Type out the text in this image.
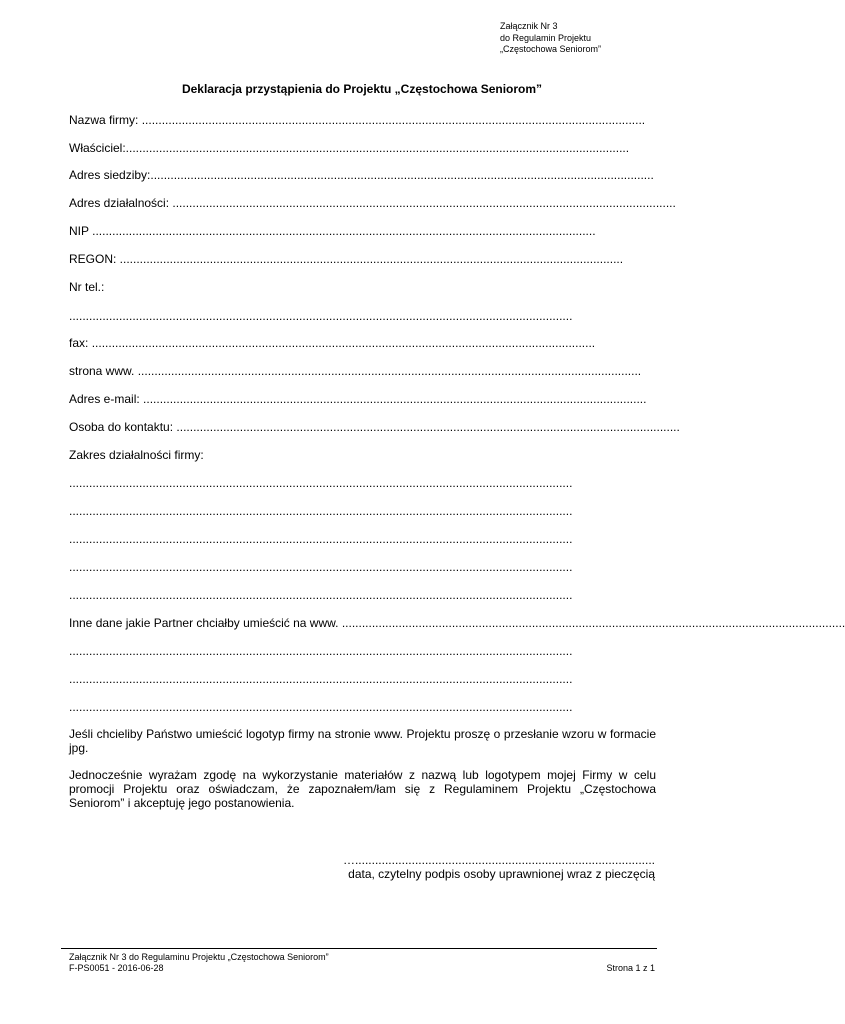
Załącznik Nr 3
do Regulamin Projektu
„Częstochowa Seniorom”
Deklaracja przystąpienia do Projektu „Częstochowa Seniorom”
Nazwa firmy: .......................................................................................................................................................
Właściciel:.......................................................................................................................................................
Adres siedziby:.......................................................................................................................................................
Adres działalności: .......................................................................................................................................................
NIP .......................................................................................................................................................
REGON: .......................................................................................................................................................
Nr tel.:
.......................................................................................................................................................
fax: .......................................................................................................................................................
strona www. .......................................................................................................................................................
Adres e-mail: .......................................................................................................................................................
Osoba do kontaktu: .......................................................................................................................................................
Zakres działalności firmy:
.......................................................................................................................................................
.......................................................................................................................................................
.......................................................................................................................................................
.......................................................................................................................................................
.......................................................................................................................................................
Inne dane jakie Partner chciałby umieścić na www. .......................................................................................................................................................
.......................................................................................................................................................
.......................................................................................................................................................
.......................................................................................................................................................
Jeśli chcieliby Państwo umieścić logotyp firmy na stronie www. Projektu proszę o przesłanie wzoru w formacie jpg.
Jednocześnie wyrażam zgodę na wykorzystanie materiałów z nazwą lub logotypem mojej Firmy w celu promocji Projektu oraz oświadczam, że zapoznałem/łam się z Regulaminem Projektu „Częstochowa Seniorom” i akceptuję jego postanowienia.
…..........................................................................................
data, czytelny podpis osoby uprawnionej wraz z pieczęcią
Załącznik Nr 3 do Regulaminu Projektu „Częstochowa Seniorom”
F-PS0051 - 2016-06-28	Strona 1 z 1
